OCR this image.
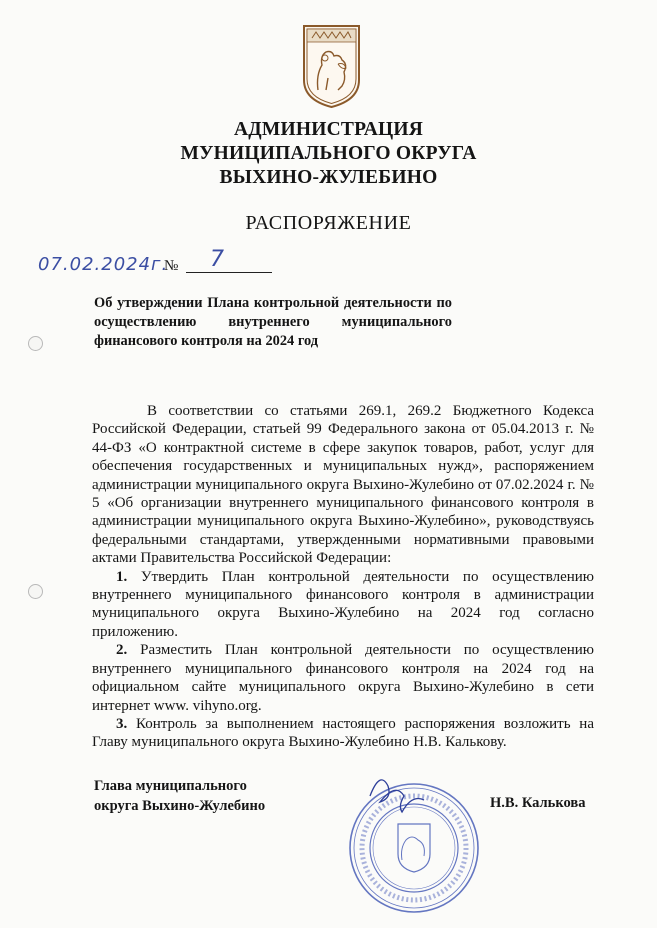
АДМИНИСТРАЦИЯ
МУНИЦИПАЛЬНОГО ОКРУГА
ВЫХИНО-ЖУЛЕБИНО
РАСПОРЯЖЕНИЕ
07.02.2024г.
№ 7
Об утверждении Плана контрольной деятельности по осуществлению внутреннего муниципального финансового контроля на 2024 год

В соответствии со статьями 269.1, 269.2 Бюджетного Кодекса Российской Федерации, статьей 99 Федерального закона от 05.04.2013 г. № 44-ФЗ «О контрактной системе в сфере закупок товаров, работ, услуг для обеспечения государственных и муниципальных нужд», распоряжением администрации муниципального округа Выхино-Жулебино от 07.02.2024 г. № 5 «Об организации внутреннего муниципального финансового контроля в администрации муниципального округа Выхино-Жулебино», руководствуясь федеральными стандартами, утвержденными нормативными правовыми актами Правительства Российской Федерации:

1. Утвердить План контрольной деятельности по осуществлению внутреннего муниципального финансового контроля в администрации муниципального округа Выхино-Жулебино на 2024 год согласно приложению.

2. Разместить План контрольной деятельности по осуществлению внутреннего муниципального финансового контроля на 2024 год на официальном сайте муниципального округа Выхино-Жулебино в сети интернет www. vihyno.org.

3. Контроль за выполнением настоящего распоряжения возложить на Главу муниципального округа Выхино-Жулебино Н.В. Калькову.

Глава муниципального
округа Выхино-Жулебино	Н.В. Калькова
